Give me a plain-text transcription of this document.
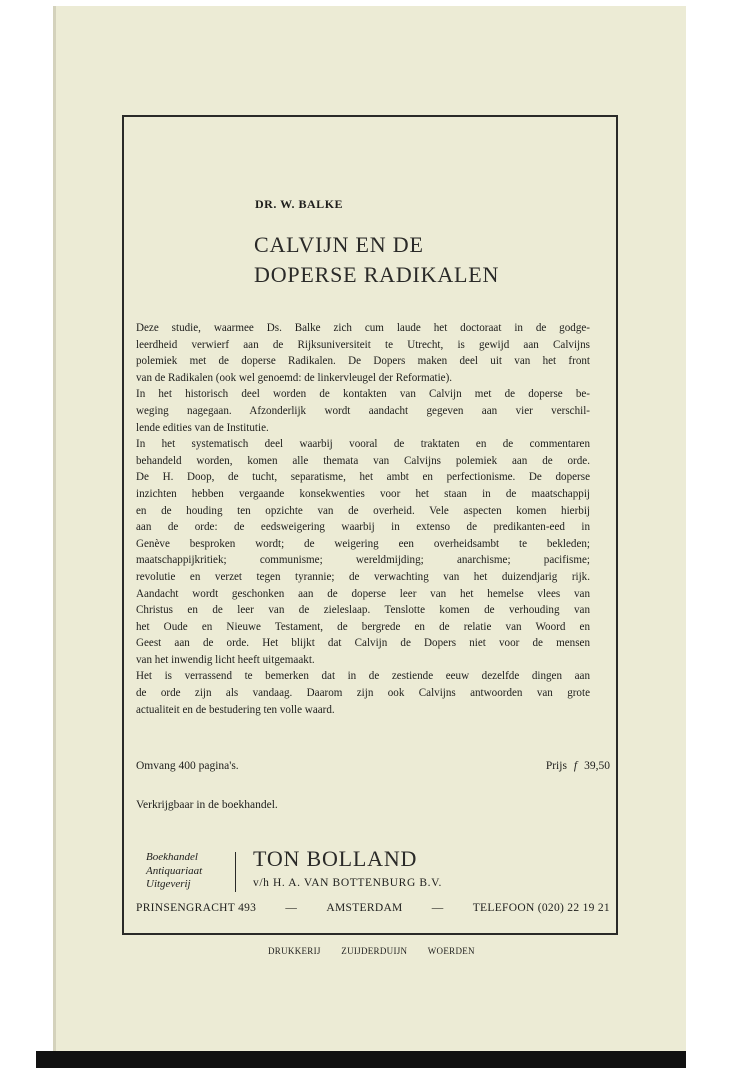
DR. W. BALKE
CALVIJN EN DE
DOPERSE RADIKALEN
Deze studie, waarmee Ds. Balke zich cum laude het doctoraat in de godge-
leerdheid verwierf aan de Rijksuniversiteit te Utrecht, is gewijd aan Calvijns
polemiek met de doperse Radikalen. De Dopers maken deel uit van het front
van de Radikalen (ook wel genoemd: de linkervleugel der Reformatie).
In het historisch deel worden de kontakten van Calvijn met de doperse be-
weging nagegaan. Afzonderlijk wordt aandacht gegeven aan vier verschil-
lende edities van de Institutie.
In het systematisch deel waarbij vooral de traktaten en de commentaren
behandeld worden, komen alle themata van Calvijns polemiek aan de orde.
De H. Doop, de tucht, separatisme, het ambt en perfectionisme. De doperse
inzichten hebben vergaande konsekwenties voor het staan in de maatschappij
en de houding ten opzichte van de overheid. Vele aspecten komen hierbij
aan de orde: de eedsweigering waarbij in extenso de predikanten-eed in
Genève besproken wordt; de weigering een overheidsambt te bekleden;
maatschappijkritiek; communisme; wereldmijding; anarchisme; pacifisme;
revolutie en verzet tegen tyrannie; de verwachting van het duizendjarig rijk.
Aandacht wordt geschonken aan de doperse leer van het hemelse vlees van
Christus en de leer van de zieleslaap. Tenslotte komen de verhouding van
het Oude en Nieuwe Testament, de bergrede en de relatie van Woord en
Geest aan de orde. Het blijkt dat Calvijn de Dopers niet voor de mensen
van het inwendig licht heeft uitgemaakt.
Het is verrassend te bemerken dat in de zestiende eeuw dezelfde dingen aan
de orde zijn als vandaag. Daarom zijn ook Calvijns antwoorden van grote
actualiteit en de bestudering ten volle waard.
Omvang 400 pagina's.	Prijs f 39,50
Verkrijgbaar in de boekhandel.
Boekhandel
Antiquariaat
Uitgeverij
TON BOLLAND
v/h H. A. VAN BOTTENBURG B.V.
PRINSENGRACHT 493	—	AMSTERDAM	—	TELEFOON (020) 22 19 21
DRUKKERIJ ZUIJDERDUIJN WOERDEN
